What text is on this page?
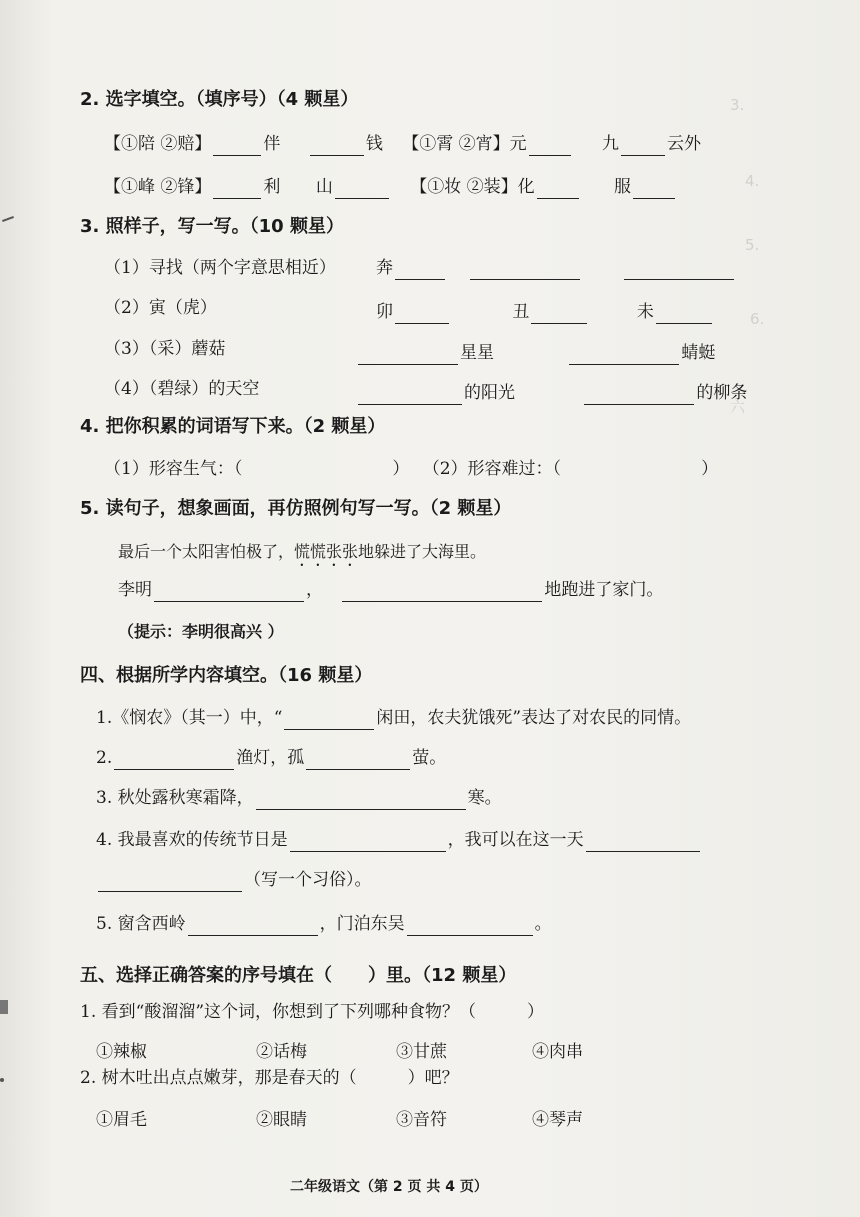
3.
4.
5.
6.
六
2. 选字填空。（填序号）（4 颗星）
【①陪 ②赔】	伴	钱 【①霄 ②宵】元	九	云外
【①峰 ②锋】	利 山	【①妆 ②装】化	服
3. 照样子，写一写。（10 颗星）
（1）寻找（两个字意思相近） 奔
（2）寅（虎）	卯	丑	未
（3）（采）蘑菇	星星	蜻蜓
（4）（碧绿）的天空	的阳光	的柳条
4. 把你积累的词语写下来。（2 颗星）
（1）形容生气：（	） （2）形容难过：（	）
5. 读句子，想象画面，再仿照例句写一写。（2 颗星）
最后一个太阳害怕极了，慌慌张张地躲进了大海里。
李明	，	地跑进了家门。
（提示：李明很高兴 ）
四、根据所学内容填空。（16 颗星）
1.《悯农》（其一）中，“	闲田，农夫犹饿死”表达了对农民的同情。
2.	渔灯，孤	萤。
3. 秋处露秋寒霜降，	寒。
4. 我最喜欢的传统节日是	，我可以在这一天
（写一个习俗）。
5. 窗含西岭	，门泊东吴	。
五、选择正确答案的序号填在（　　）里。（12 颗星）
1. 看到“酸溜溜”这个词，你想到了下列哪种食物？（　　　）
①辣椒	②话梅	③甘蔗	④肉串
2. 树木吐出点点嫩芽，那是春天的（　　　）吧？
①眉毛	②眼睛	③音符	④琴声
二年级语文（第 2 页 共 4 页）
